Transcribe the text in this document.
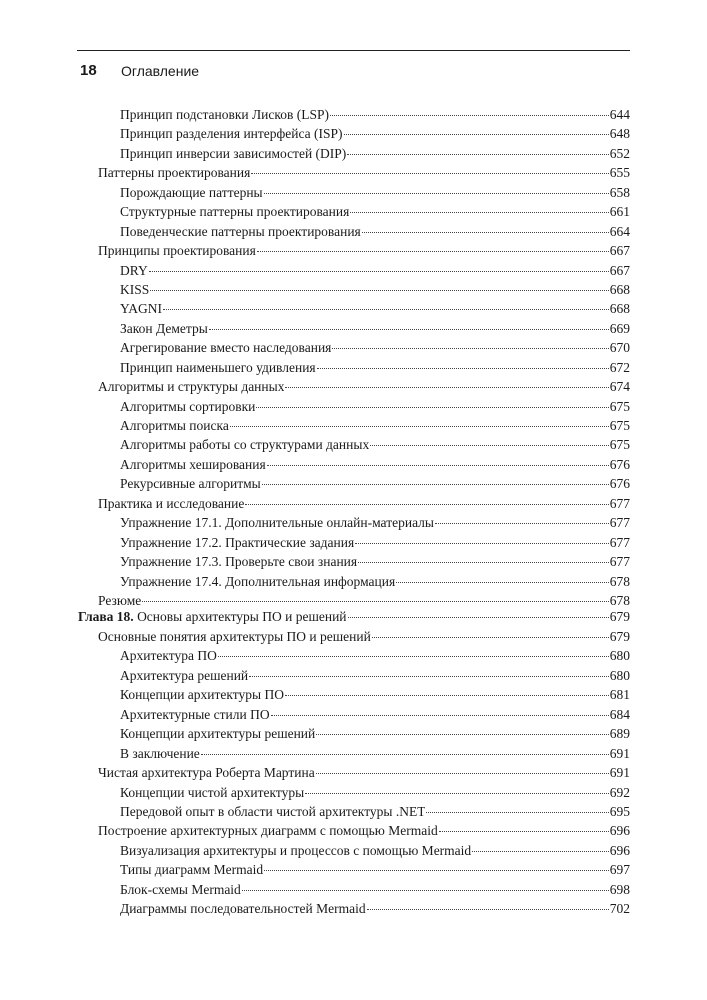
18 Оглавление
Принцип подстановки Лисков (LSP)	644
Принцип разделения интерфейса (ISP)	648
Принцип инверсии зависимостей (DIP)	652
Паттерны проектирования	655
Порождающие паттерны	658
Структурные паттерны проектирования	661
Поведенческие паттерны проектирования	664
Принципы проектирования	667
DRY	667
KISS	668
YAGNI	668
Закон Деметры	669
Агрегирование вместо наследования	670
Принцип наименьшего удивления	672
Алгоритмы и структуры данных	674
Алгоритмы сортировки	675
Алгоритмы поиска	675
Алгоритмы работы со структурами данных	675
Алгоритмы хеширования	676
Рекурсивные алгоритмы	676
Практика и исследование	677
Упражнение 17.1. Дополнительные онлайн-материалы	677
Упражнение 17.2. Практические задания	677
Упражнение 17.3. Проверьте свои знания	677
Упражнение 17.4. Дополнительная информация	678
Резюме	678
Глава 18. Основы архитектуры ПО и решений	679
Основные понятия архитектуры ПО и решений	679
Архитектура ПО	680
Архитектура решений	680
Концепции архитектуры ПО	681
Архитектурные стили ПО	684
Концепции архитектуры решений	689
В заключение	691
Чистая архитектура Роберта Мартина	691
Концепции чистой архитектуры	692
Передовой опыт в области чистой архитектуры .NET	695
Построение архитектурных диаграмм с помощью Mermaid	696
Визуализация архитектуры и процессов с помощью Mermaid	696
Типы диаграмм Mermaid	697
Блок-схемы Mermaid	698
Диаграммы последовательностей Mermaid	702
